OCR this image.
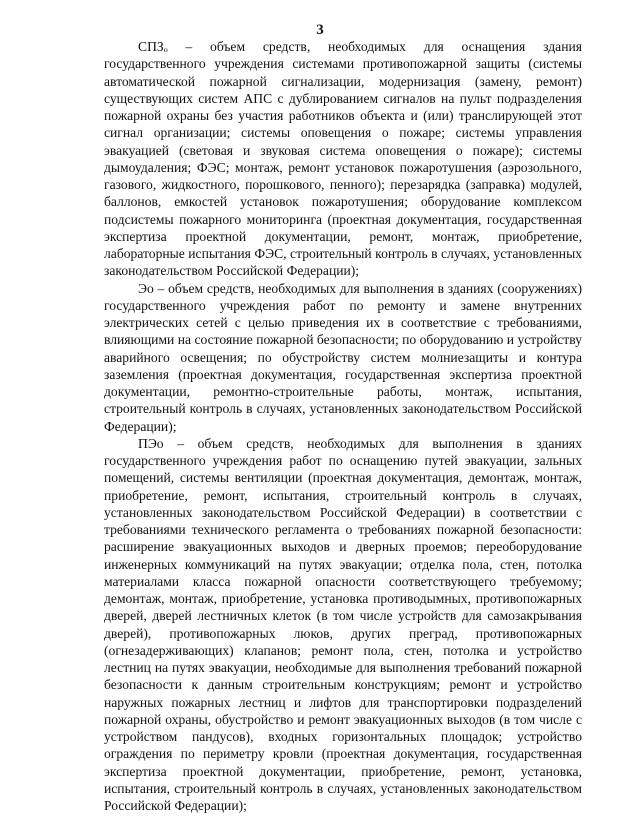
3

СПЗₒ – объем средств, необходимых для оснащения здания государственного учреждения системами противопожарной защиты (системы автоматической пожарной сигнализации, модернизация (замену, ремонт) существующих систем АПС с дублированием сигналов на пульт подразделения пожарной охраны без участия работников объекта и (или) транслирующей этот сигнал организации; системы оповещения о пожаре; системы управления эвакуацией (световая и звуковая система оповещения о пожаре); системы дымоудаления; ФЭС; монтаж, ремонт установок пожаротушения (аэрозольного, газового, жидкостного, порошкового, пенного); перезарядка (заправка) модулей, баллонов, емкостей установок пожаротушения; оборудование комплексом подсистемы пожарного мониторинга (проектная документация, государственная экспертиза проектной документации, ремонт, монтаж, приобретение, лабораторные испытания ФЭС, строительный контроль в случаях, установленных законодательством Российской Федерации);

Эо – объем средств, необходимых для выполнения в зданиях (сооружениях) государственного учреждения работ по ремонту и замене внутренних электрических сетей с целью приведения их в соответствие с требованиями, влияющими на состояние пожарной безопасности; по оборудованию и устройству аварийного освещения; по обустройству систем молниезащиты и контура заземления (проектная документация, государственная экспертиза проектной документации, ремонтно-строительные работы, монтаж, испытания, строительный контроль в случаях, установленных законодательством Российской Федерации);

ПЭо – объем средств, необходимых для выполнения в зданиях государственного учреждения работ по оснащению путей эвакуации, зальных помещений, системы вентиляции (проектная документация, демонтаж, монтаж, приобретение, ремонт, испытания, строительный контроль в случаях, установленных законодательством Российской Федерации) в соответствии с требованиями технического регламента о требованиях пожарной безопасности: расширение эвакуационных выходов и дверных проемов; переоборудование инженерных коммуникаций на путях эвакуации; отделка пола, стен, потолка материалами класса пожарной опасности соответствующего требуемому; демонтаж, монтаж, приобретение, установка противодымных, противопожарных дверей, дверей лестничных клеток (в том числе устройств для самозакрывания дверей), противопожарных люков, других преград, противопожарных (огнезадерживающих) клапанов; ремонт пола, стен, потолка и устройство лестниц на путях эвакуации, необходимые для выполнения требований пожарной безопасности к данным строительным конструкциям; ремонт и устройство наружных пожарных лестниц и лифтов для транспортировки подразделений пожарной охраны, обустройство и ремонт эвакуационных выходов (в том числе с устройством пандусов), входных горизонтальных площадок; устройство ограждения по периметру кровли (проектная документация, государственная экспертиза проектной документации, приобретение, ремонт, установка, испытания, строительный контроль в случаях, установленных законодательством Российской Федерации);
